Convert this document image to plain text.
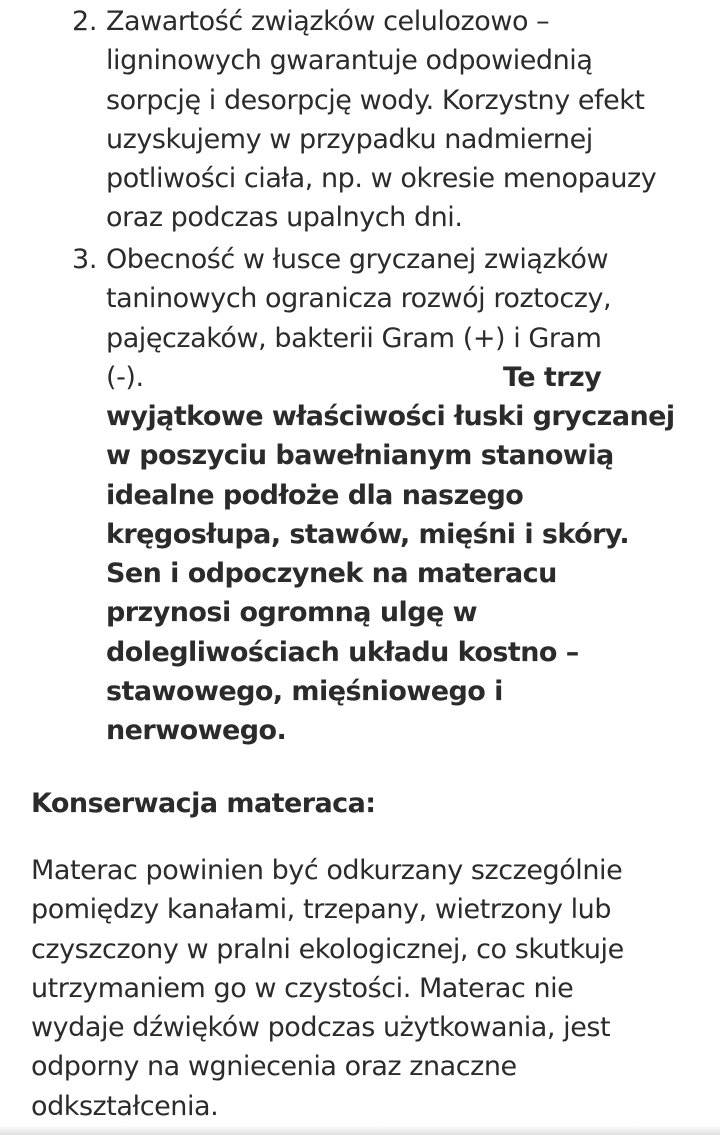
2. Zawartość związków celulozowo –
ligninowych gwarantuje odpowiednią
sorpcję i desorpcję wody. Korzystny efekt
uzyskujemy w przypadku nadmiernej
potliwości ciała, np. w okresie menopauzy
oraz podczas upalnych dni.
3. Obecność w łusce gryczanej związków
taninowych ogranicza rozwój roztoczy,
pajęczaków, bakterii Gram (+) i Gram
(-).	Te trzy
wyjątkowe właściwości łuski gryczanej
w poszyciu bawełnianym stanowią
idealne podłoże dla naszego
kręgosłupa, stawów, mięśni i skóry.
Sen i odpoczynek na materacu
przynosi ogromną ulgę w
dolegliwościach układu kostno –
stawowego, mięśniowego i
nerwowego.
Konserwacja materaca:

Materac powinien być odkurzany szczególnie
pomiędzy kanałami, trzepany, wietrzony lub
czyszczony w pralni ekologicznej, co skutkuje
utrzymaniem go w czystości. Materac nie
wydaje dźwięków podczas użytkowania, jest
odporny na wgniecenia oraz znaczne
odkształcenia.
